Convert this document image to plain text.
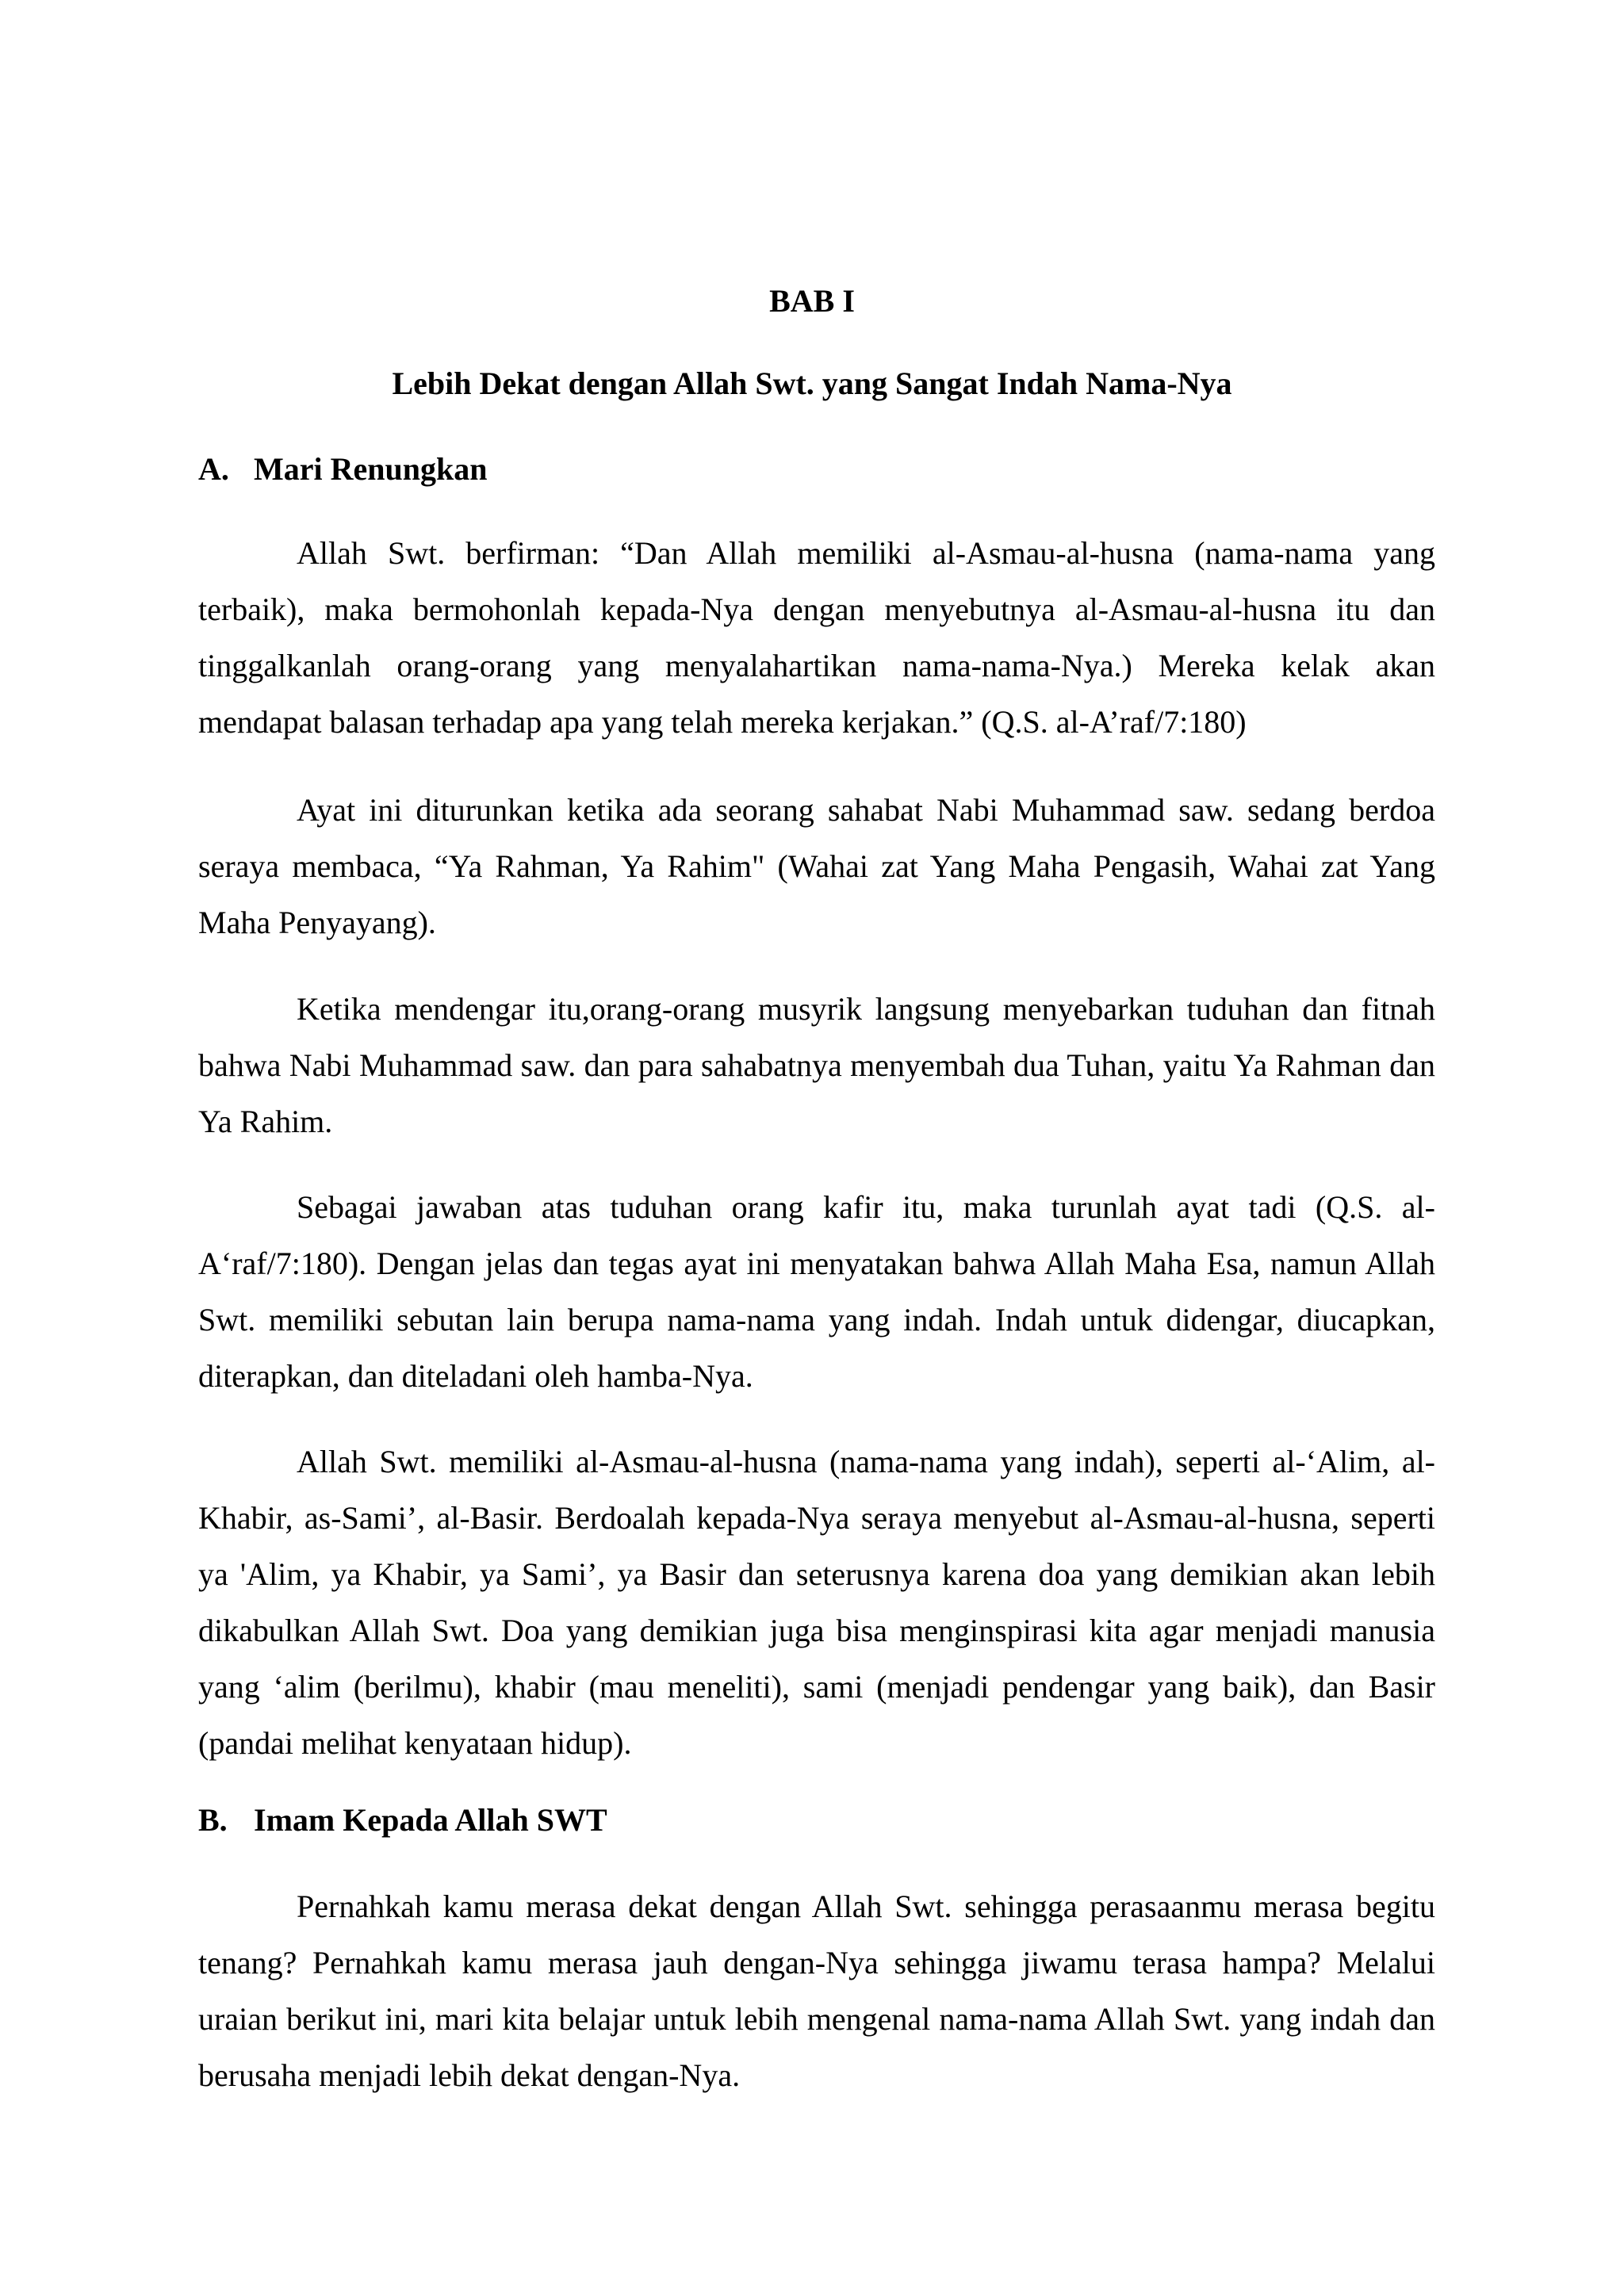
BAB I
Lebih Dekat dengan Allah Swt. yang Sangat Indah Nama-Nya
A. Mari Renungkan

Allah Swt. berfirman: “Dan Allah memiliki al-Asmau-al-husna (nama-nama yang terbaik), maka bermohonlah kepada-Nya dengan menyebutnya al-Asmau-al-husna itu dan tinggalkanlah orang-orang yang menyalahartikan nama-nama-Nya.) Mereka kelak akan mendapat balasan terhadap apa yang telah mereka kerjakan.” (Q.S. al-A’raf/7:180)

Ayat ini diturunkan ketika ada seorang sahabat Nabi Muhammad saw. sedang berdoa seraya membaca, “Ya Rahman, Ya Rahim" (Wahai zat Yang Maha Pengasih, Wahai zat Yang Maha Penyayang).

Ketika mendengar itu,orang-orang musyrik langsung menyebarkan tuduhan dan fitnah bahwa Nabi Muhammad saw. dan para sahabatnya menyembah dua Tuhan, yaitu Ya Rahman dan Ya Rahim.

Sebagai jawaban atas tuduhan orang kafir itu, maka turunlah ayat tadi (Q.S. al-A‘raf/7:180). Dengan jelas dan tegas ayat ini menyatakan bahwa Allah Maha Esa, namun Allah Swt. memiliki sebutan lain berupa nama-nama yang indah. Indah untuk didengar, diucapkan, diterapkan, dan diteladani oleh hamba-Nya.

Allah Swt. memiliki al-Asmau-al-husna (nama-nama yang indah), seperti al-‘Alim, al-Khabir, as-Sami’, al-Basir. Berdoalah kepada-Nya seraya menyebut al-Asmau-al-husna, seperti ya 'Alim, ya Khabir, ya Sami’, ya Basir dan seterusnya karena doa yang demikian akan lebih dikabulkan Allah Swt. Doa yang demikian juga bisa menginspirasi kita agar menjadi manusia yang ‘alim (berilmu), khabir (mau meneliti), sami (menjadi pendengar yang baik), dan Basir (pandai melihat kenyataan hidup).

B. Imam Kepada Allah SWT

Pernahkah kamu merasa dekat dengan Allah Swt. sehingga perasaanmu merasa begitu tenang? Pernahkah kamu merasa jauh dengan-Nya sehingga jiwamu terasa hampa? Melalui uraian berikut ini, mari kita belajar untuk lebih mengenal nama-nama Allah Swt. yang indah dan berusaha menjadi lebih dekat dengan-Nya.
